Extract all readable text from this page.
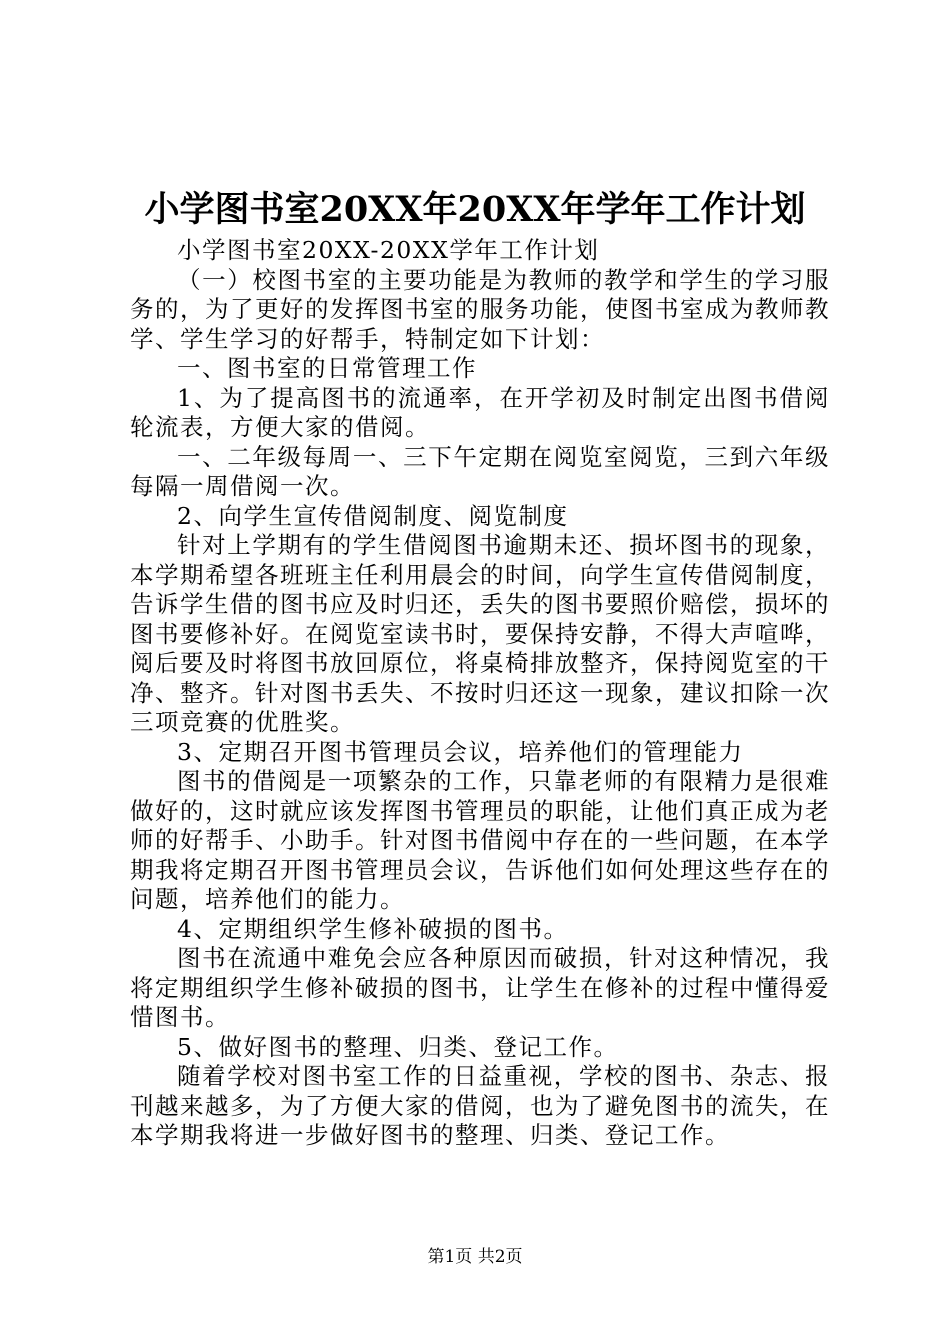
小学图书室20XX年20XX年学年工作计划

小学图书室20XX-20XX学年工作计划

（一）校图书室的主要功能是为教师的教学和学生的学习服务的，为了更好的发挥图书室的服务功能，使图书室成为教师教学、学生学习的好帮手，特制定如下计划：

一、图书室的日常管理工作

1、为了提高图书的流通率，在开学初及时制定出图书借阅轮流表，方便大家的借阅。

一、二年级每周一、三下午定期在阅览室阅览，三到六年级每隔一周借阅一次。

2、向学生宣传借阅制度、阅览制度

针对上学期有的学生借阅图书逾期未还、损坏图书的现象，本学期希望各班班主任利用晨会的时间，向学生宣传借阅制度，告诉学生借的图书应及时归还，丢失的图书要照价赔偿，损坏的图书要修补好。在阅览室读书时，要保持安静，不得大声喧哗，阅后要及时将图书放回原位，将桌椅排放整齐，保持阅览室的干净、整齐。针对图书丢失、不按时归还这一现象，建议扣除一次三项竞赛的优胜奖。

3、定期召开图书管理员会议，培养他们的管理能力

图书的借阅是一项繁杂的工作，只靠老师的有限精力是很难做好的，这时就应该发挥图书管理员的职能，让他们真正成为老师的好帮手、小助手。针对图书借阅中存在的一些问题，在本学期我将定期召开图书管理员会议，告诉他们如何处理这些存在的问题，培养他们的能力。

4、定期组织学生修补破损的图书。

图书在流通中难免会应各种原因而破损，针对这种情况，我将定期组织学生修补破损的图书，让学生在修补的过程中懂得爱惜图书。

5、做好图书的整理、归类、登记工作。

随着学校对图书室工作的日益重视，学校的图书、杂志、报刊越来越多，为了方便大家的借阅，也为了避免图书的流失，在本学期我将进一步做好图书的整理、归类、登记工作。

第1页 共2页
